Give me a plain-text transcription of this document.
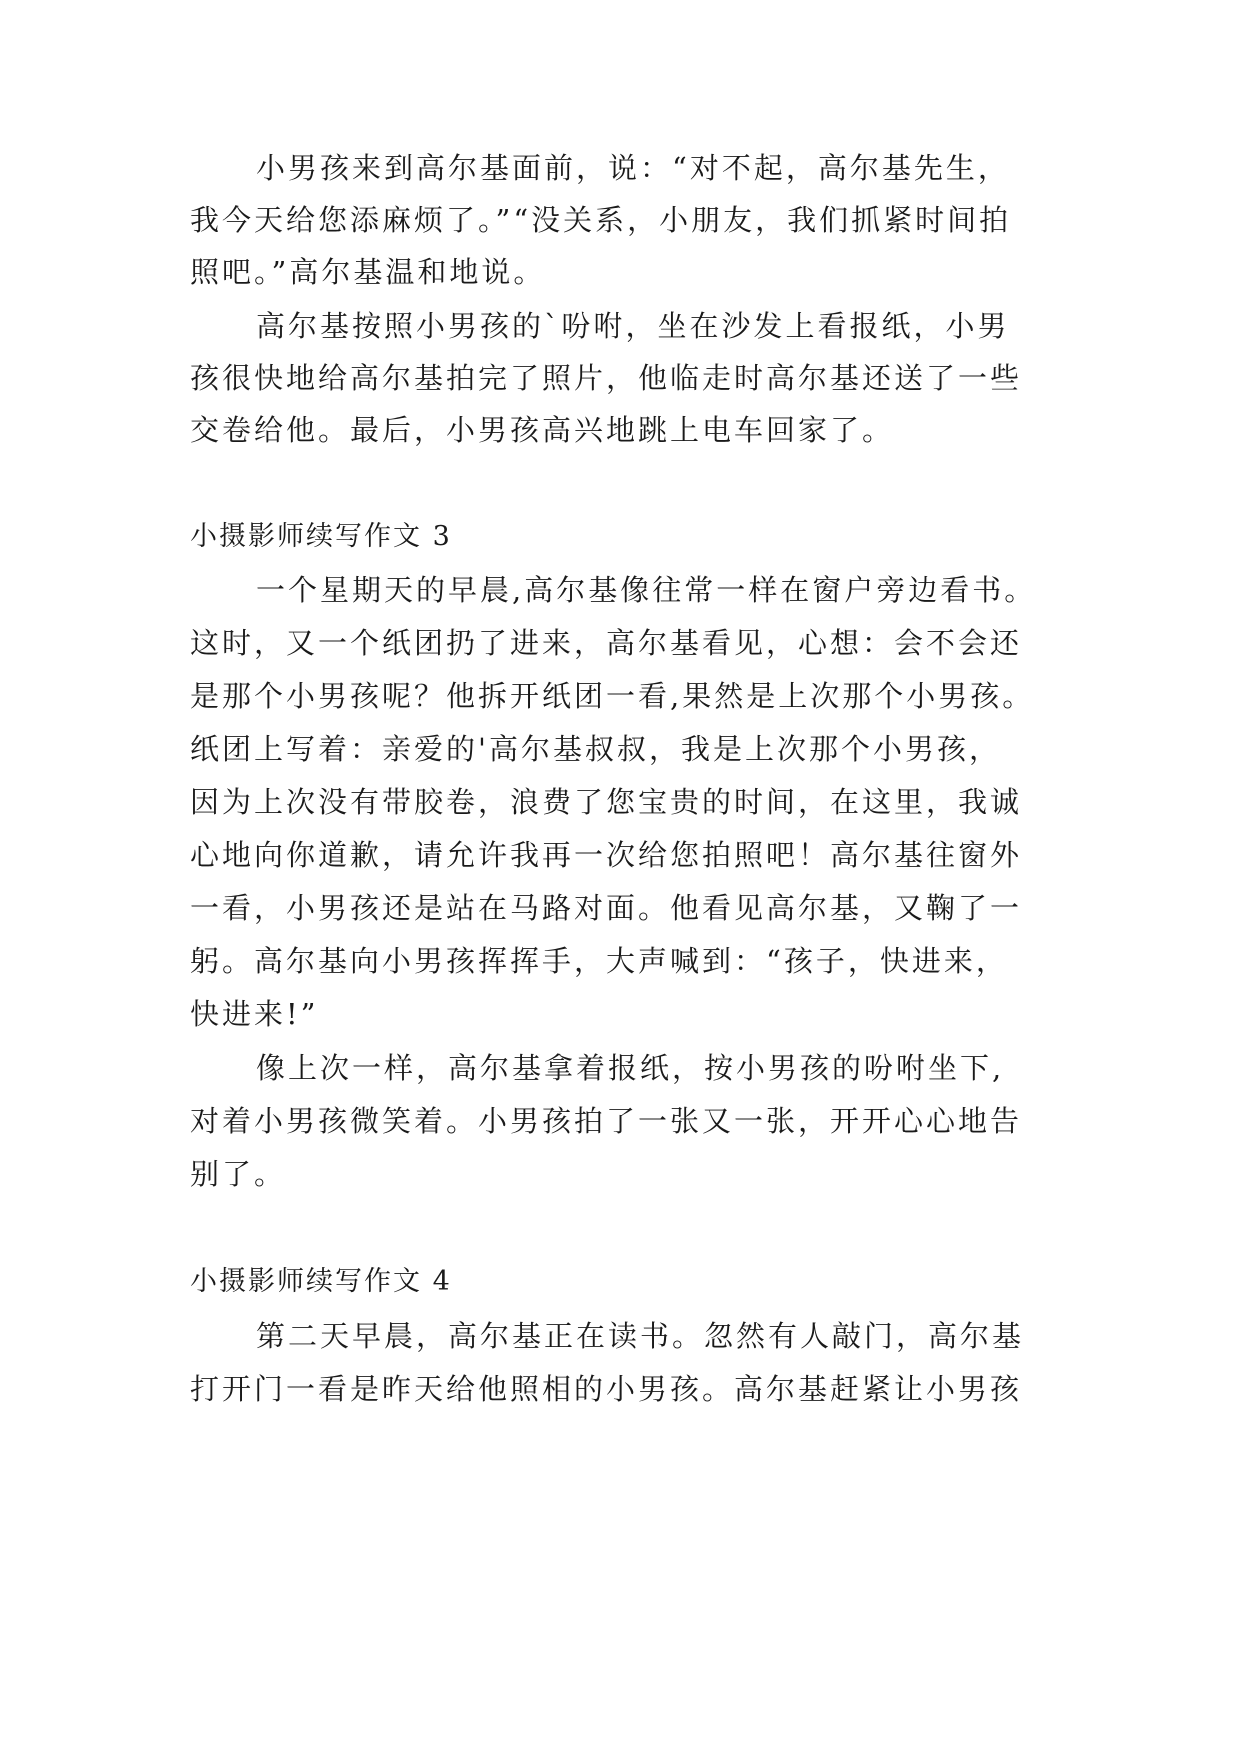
小男孩来到高尔基面前，说：“对不起，高尔基先生，

我今天给您添麻烦了。”“没关系，小朋友，我们抓紧时间拍

照吧。”高尔基温和地说。

高尔基按照小男孩的`吩咐，坐在沙发上看报纸，小男

孩很快地给高尔基拍完了照片，他临走时高尔基还送了一些

交卷给他。最后，小男孩高兴地跳上电车回家了。

小摄影师续写作文 3

一个星期天的早晨,高尔基像往常一样在窗户旁边看书。

这时，又一个纸团扔了进来，高尔基看见，心想：会不会还

是那个小男孩呢？他拆开纸团一看,果然是上次那个小男孩。

纸团上写着：亲爱的'高尔基叔叔，我是上次那个小男孩，

因为上次没有带胶卷，浪费了您宝贵的时间，在这里，我诚

心地向你道歉，请允许我再一次给您拍照吧！高尔基往窗外

一看，小男孩还是站在马路对面。他看见高尔基，又鞠了一

躬。高尔基向小男孩挥挥手，大声喊到：“孩子，快进来，

快进来!”

像上次一样，高尔基拿着报纸，按小男孩的吩咐坐下,

对着小男孩微笑着。小男孩拍了一张又一张，开开心心地告

别了。

小摄影师续写作文 4

第二天早晨，高尔基正在读书。忽然有人敲门，高尔基

打开门一看是昨天给他照相的小男孩。高尔基赶紧让小男孩
